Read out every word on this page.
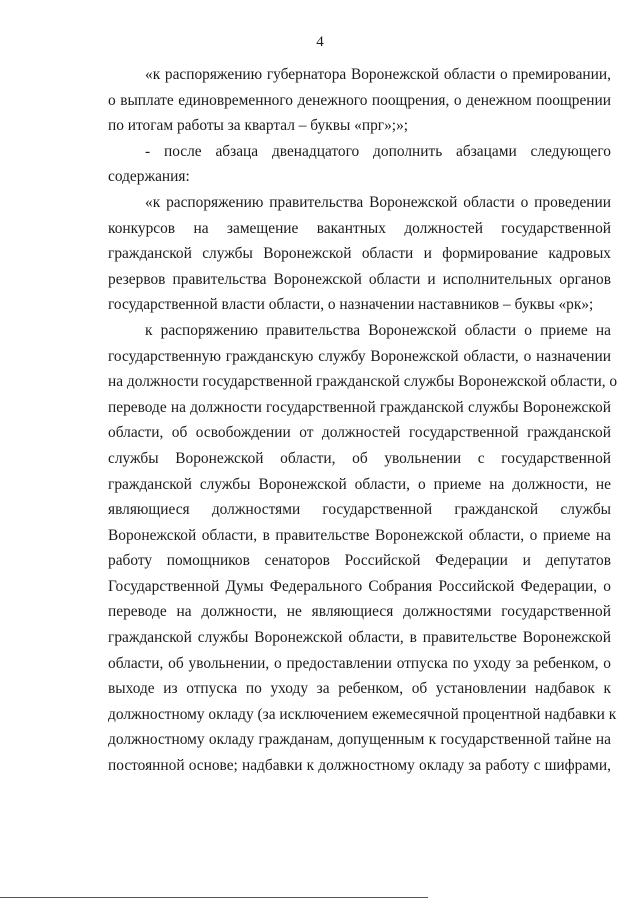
4
«к распоряжению губернатора Воронежской области о премировании,
о выплате единовременного денежного поощрения, о денежном поощрении
по итогам работы за квартал – буквы «прг»;»;
- после абзаца двенадцатого дополнить абзацами следующего
содержания:
«к распоряжению правительства Воронежской области о проведении
конкурсов на замещение вакантных должностей государственной
гражданской службы Воронежской области и формирование кадровых
резервов правительства Воронежской области и исполнительных органов
государственной власти области, о назначении наставников – буквы «рк»;
к распоряжению правительства Воронежской области о приеме на
государственную гражданскую службу Воронежской области, о назначении
на должности государственной гражданской службы Воронежской области, о
переводе на должности государственной гражданской службы Воронежской
области, об освобождении от должностей государственной гражданской
службы Воронежской области, об увольнении с государственной
гражданской службы Воронежской области, о приеме на должности, не
являющиеся должностями государственной гражданской службы
Воронежской области, в правительстве Воронежской области, о приеме на
работу помощников сенаторов Российской Федерации и депутатов
Государственной Думы Федерального Собрания Российской Федерации, о
переводе на должности, не являющиеся должностями государственной
гражданской службы Воронежской области, в правительстве Воронежской
области, об увольнении, о предоставлении отпуска по уходу за ребенком, о
выходе из отпуска по уходу за ребенком, об установлении надбавок к
должностному окладу (за исключением ежемесячной процентной надбавки к
должностному окладу гражданам, допущенным к государственной тайне на
постоянной основе; надбавки к должностному окладу за работу с шифрами,
